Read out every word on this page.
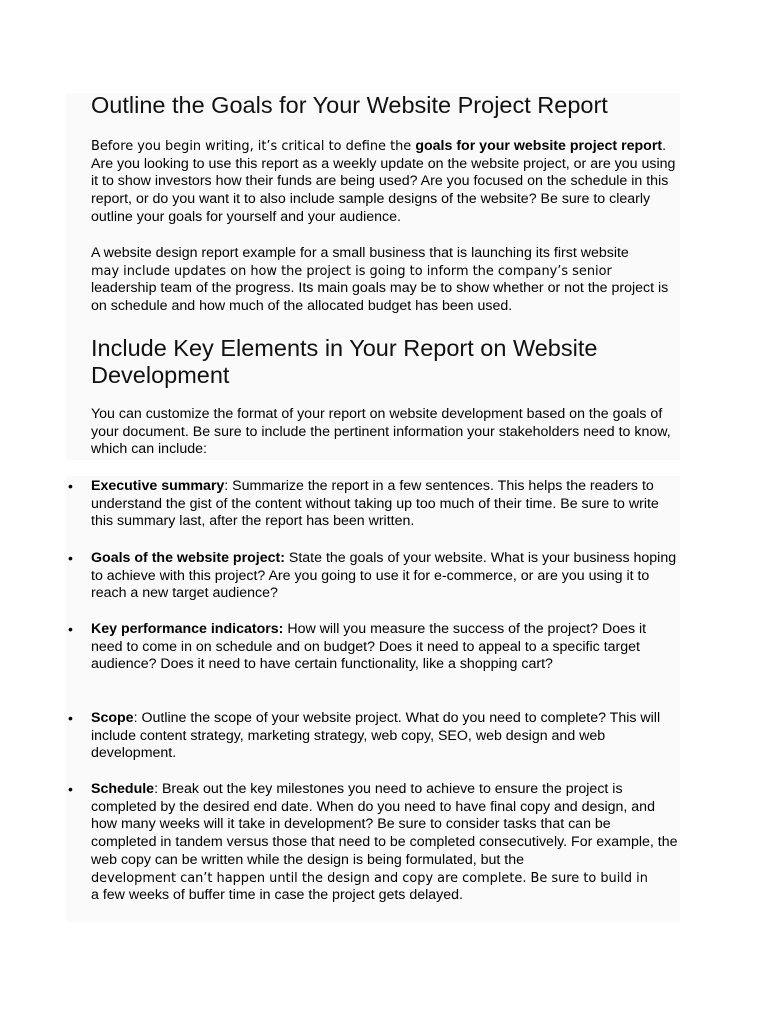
Outline the Goals for Your Website Project Report

Before you begin writing, it’s critical to define the goals for your website project report. Are you looking to use this report as a weekly update on the website project, or are you using it to show investors how their funds are being used? Are you focused on the schedule in this report, or do you want it to also include sample designs of the website? Be sure to clearly outline your goals for yourself and your audience.

A website design report example for a small business that is launching its first website
may include updates on how the project is going to inform the company’s senior
leadership team of the progress. Its main goals may be to show whether or not the project is on schedule and how much of the allocated budget has been used.

Include Key Elements in Your Report on Website Development

You can customize the format of your report on website development based on the goals of your document. Be sure to include the pertinent information your stakeholders need to know, which can include:

• Executive summary: Summarize the report in a few sentences. This helps the readers to understand the gist of the content without taking up too much of their time. Be sure to write this summary last, after the report has been written.
• Goals of the website project: State the goals of your website. What is your business hoping to achieve with this project? Are you going to use it for e-commerce, or are you using it to reach a new target audience?
• Key performance indicators: How will you measure the success of the project? Does it need to come in on schedule and on budget? Does it need to appeal to a specific target audience? Does it need to have certain functionality, like a shopping cart?
• Scope: Outline the scope of your website project. What do you need to complete? This will include content strategy, marketing strategy, web copy, SEO, web design and web development.
• Schedule: Break out the key milestones you need to achieve to ensure the project is completed by the desired end date. When do you need to have final copy and design, and how many weeks will it take in development? Be sure to consider tasks that can be completed in tandem versus those that need to be completed consecutively. For example, the web copy can be written while the design is being formulated, but the
development can’t happen until the design and copy are complete. Be sure to build in
a few weeks of buffer time in case the project gets delayed.
